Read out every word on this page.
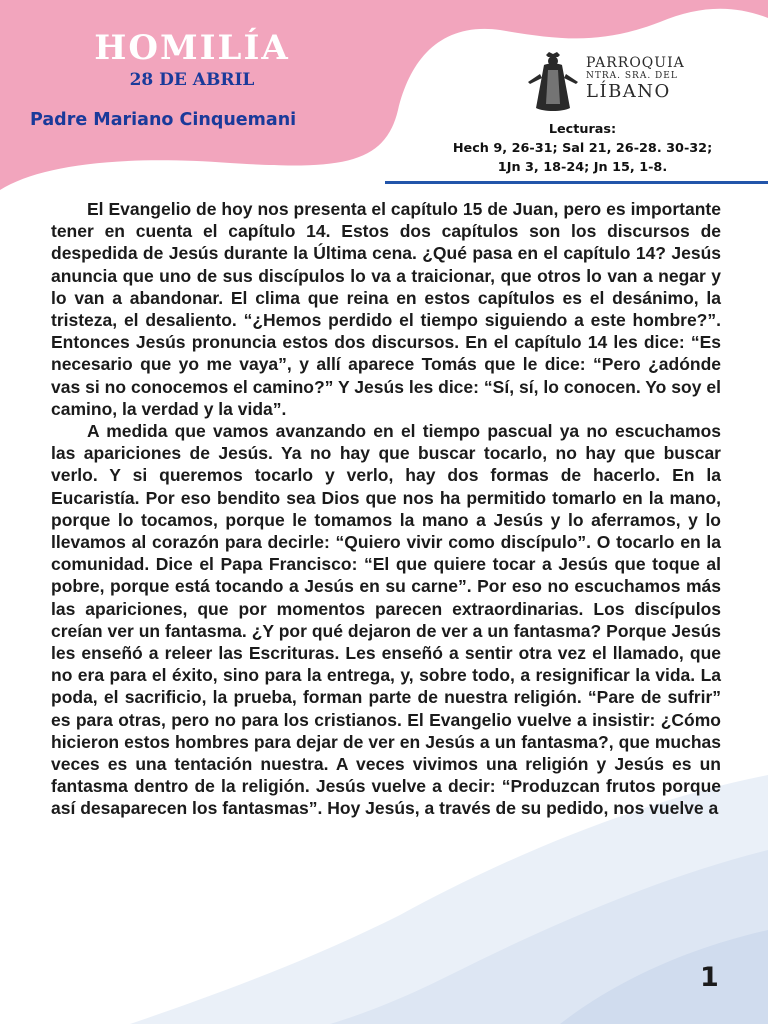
HOMILÍA
28 DE ABRIL
Padre Mariano Cinquemani
PARROQUIA
NTRA. SRA. DEL
LÍBANO
Lecturas:
Hech 9, 26-31; Sal 21, 26-28. 30-32;
1Jn 3, 18-24; Jn 15, 1-8.

El Evangelio de hoy nos presenta el capítulo 15 de Juan, pero es importante tener en cuenta el capítulo 14. Estos dos capítulos son los discursos de despedida de Jesús durante la Última cena. ¿Qué pasa en el capítulo 14? Jesús anuncia que uno de sus discípulos lo va a traicionar, que otros lo van a negar y lo van a abandonar. El clima que reina en estos capítulos es el desánimo, la tristeza, el desaliento. “¿Hemos perdido el tiempo siguiendo a este hombre?”. Entonces Jesús pronuncia estos dos discursos. En el capítulo 14 les dice: “Es necesario que yo me vaya”, y allí aparece Tomás que le dice: “Pero ¿adónde vas si no conocemos el camino?” Y Jesús les dice: “Sí, sí, lo conocen. Yo soy el camino, la verdad y la vida”.

A medida que vamos avanzando en el tiempo pascual ya no escuchamos las apariciones de Jesús. Ya no hay que buscar tocarlo, no hay que buscar verlo. Y si queremos tocarlo y verlo, hay dos formas de hacerlo. En la Eucaristía. Por eso bendito sea Dios que nos ha permitido tomarlo en la mano, porque lo tocamos, porque le tomamos la mano a Jesús y lo aferramos, y lo llevamos al corazón para decirle: “Quiero vivir como discípulo”. O tocarlo en la comunidad. Dice el Papa Francisco: “El que quiere tocar a Jesús que toque al pobre, porque está tocando a Jesús en su carne”. Por eso no escuchamos más las apariciones, que por momentos parecen extraordinarias. Los discípulos creían ver un fantasma. ¿Y por qué dejaron de ver a un fantasma? Porque Jesús les enseñó a releer las Escrituras. Les enseñó a sentir otra vez el llamado, que no era para el éxito, sino para la entrega, y, sobre todo, a resignificar la vida. La poda, el sacrificio, la prueba, forman parte de nuestra religión. “Pare de sufrir” es para otras, pero no para los cristianos. El Evangelio vuelve a insistir: ¿Cómo hicieron estos hombres para dejar de ver en Jesús a un fantasma?, que muchas veces es una tentación nuestra. A veces vivimos una religión y Jesús es un fantasma dentro de la religión. Jesús vuelve a decir: “Produzcan frutos porque así desaparecen los fantasmas”. Hoy Jesús, a través de su pedido, nos vuelve a

1
